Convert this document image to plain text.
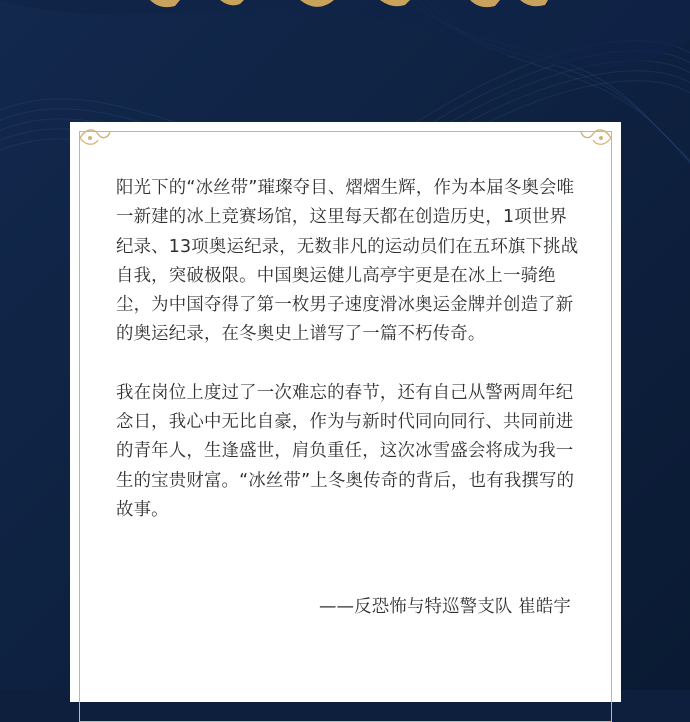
阳光下的“冰丝带”璀璨夺目、熠熠生辉，作为本届冬奥会唯一新建的冰上竞赛场馆，这里每天都在创造历史，1项世界纪录、13项奥运纪录，无数非凡的运动员们在五环旗下挑战自我，突破极限。中国奥运健儿高亭宇更是在冰上一骑绝尘，为中国夺得了第一枚男子速度滑冰奥运金牌并创造了新的奥运纪录，在冬奥史上谱写了一篇不朽传奇。

我在岗位上度过了一次难忘的春节，还有自己从警两周年纪念日，我心中无比自豪，作为与新时代同向同行、共同前进的青年人，生逢盛世，肩负重任，这次冰雪盛会将成为我一生的宝贵财富。“冰丝带”上冬奥传奇的背后，也有我撰写的故事。

——反恐怖与特巡警支队 崔皓宇
